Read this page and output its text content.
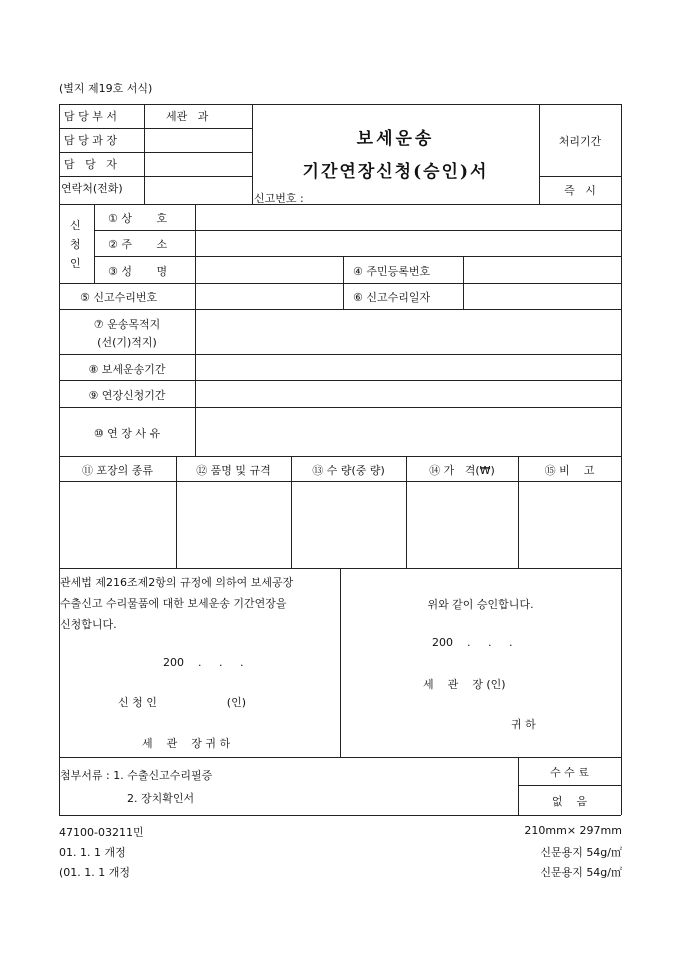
(별지 제19호 서식)
담 당 부 서	세관   과
담 당 과 장
담   당   자
연락처(전화)
보세운송
기간연장신청(승인)서
신고번호 :
처리기간
즉   시
신
청
인
① 상       호
② 주       소
③ 성       명	④ 주민등록번호
⑤ 신고수리번호	⑥ 신고수리일자
⑦ 운송목적지
(선(기)적지)
⑧ 보세운송기간
⑨ 연장신청기간
⑩ 연 장 사 유
⑪ 포장의 종류	⑫ 품명 및 규격	⑬ 수 량(중 량)	⑭ 가   격(₩)	⑮ 비    고
관세법 제216조제2항의 규정에 의하여 보세공장
수출신고 수리물품에 대한 보세운송 기간연장을
신청합니다.
200    .     .     .
신 청 인                    (인)
세    관    장 귀 하
위와 같이 승인합니다.
200    .     .     .
세    관    장 (인)
귀 하
첨부서류 : 1. 수출신고수리필증
2. 장치확인서
수 수 료
없    음
47100-03211민
01. 1. 1 개정
(01. 1. 1 개정
210mm× 297mm
신문용지 54g/㎡
신문용지 54g/㎡
